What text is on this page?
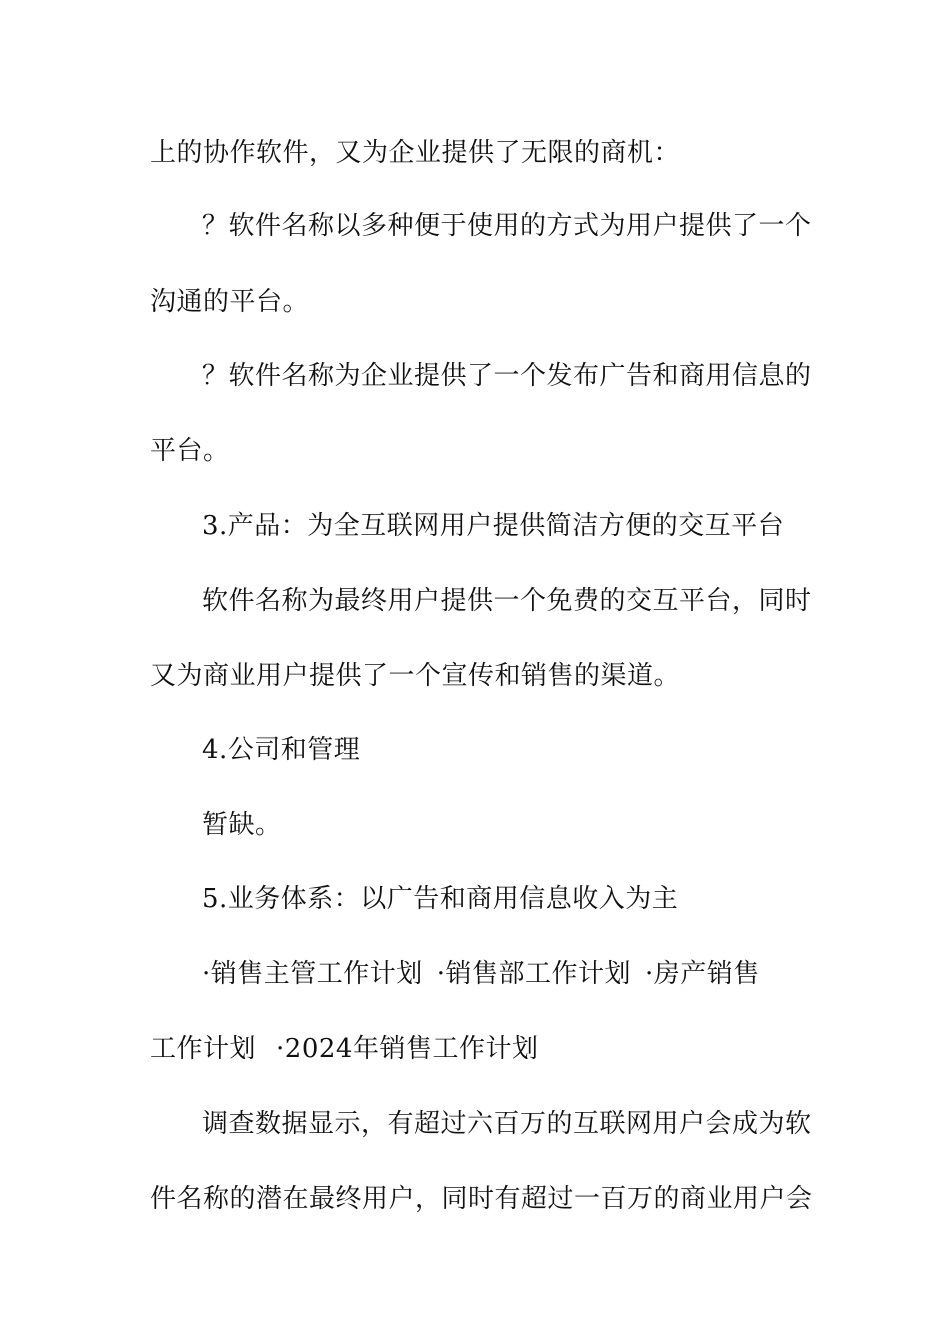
上的协作软件，又为企业提供了无限的商机：

？软件名称以多种便于使用的方式为用户提供了一个

沟通的平台。

？软件名称为企业提供了一个发布广告和商用信息的

平台。

3.产品：为全互联网用户提供简洁方便的交互平台

软件名称为最终用户提供一个免费的交互平台，同时

又为商业用户提供了一个宣传和销售的渠道。

4.公司和管理

暂缺。

5.业务体系：以广告和商用信息收入为主

·销售主管工作计划 ·销售部工作计划 ·房产销售

工作计划 ·2024年销售工作计划

调查数据显示，有超过六百万的互联网用户会成为软

件名称的潜在最终用户，同时有超过一百万的商业用户会
